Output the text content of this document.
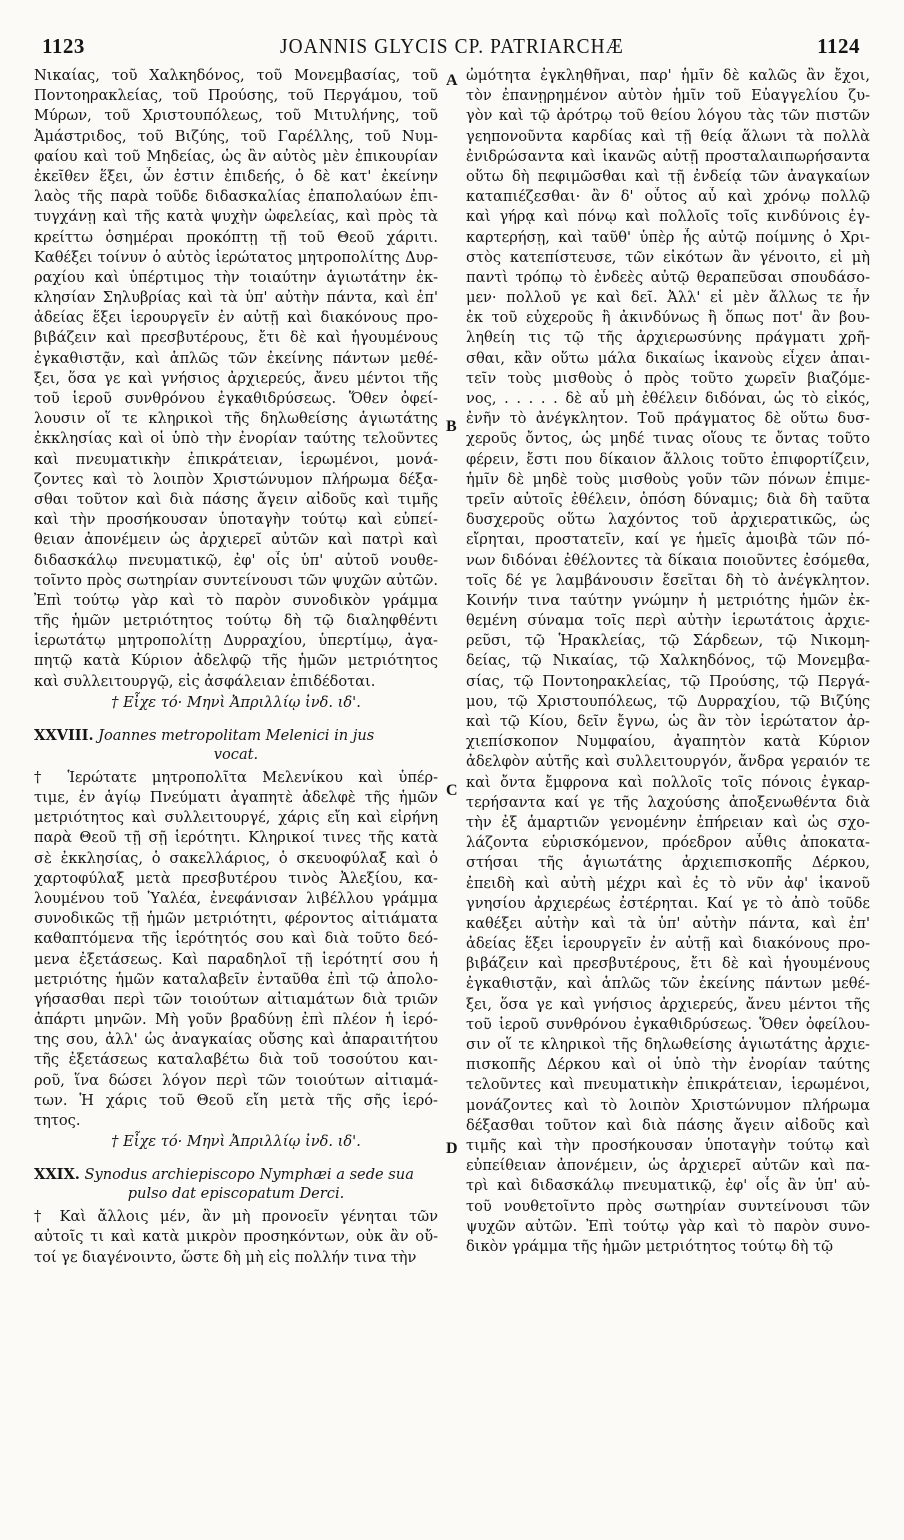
1123	JOANNIS GLYCIS CP. PATRIARCHÆ	1124
Νικαίας, τοῦ Χαλκηδόνος, τοῦ Μονεμβασίας, τοῦ
Ποντοηρακλείας, τοῦ Προύσης, τοῦ Περγάμου, τοῦ
Μύρων, τοῦ Χριστουπόλεως, τοῦ Μιτυλήνης, τοῦ
Ἀμάστριδος, τοῦ Βιζύης, τοῦ Γαρέλλης, τοῦ Νυμ-
φαίου καὶ τοῦ Μηδείας, ὡς ἂν αὐτὸς μὲν ἐπικουρίαν
ἐκεῖθεν ἕξει, ὧν ἐστιν ἐπιδεής, ὁ δὲ κατ' ἐκείνην
λαὸς τῆς παρὰ τοῦδε διδασκαλίας ἐπαπολαύων ἐπι-
τυγχάνῃ καὶ τῆς κατὰ ψυχὴν ὠφελείας, καὶ πρὸς τὰ
κρείττω ὁσημέραι προκόπτῃ τῇ τοῦ Θεοῦ χάριτι.
Καθέξει τοίνυν ὁ αὐτὸς ἱερώτατος μητροπολίτης Δυρ-
ραχίου καὶ ὑπέρτιμος τὴν τοιαύτην ἁγιωτάτην ἐκ-
κλησίαν Σηλυβρίας καὶ τὰ ὑπ' αὐτὴν πάντα, καὶ ἐπ'
ἀδείας ἕξει ἱερουργεῖν ἐν αὐτῇ καὶ διακόνους προ-
βιβάζειν καὶ πρεσβυτέρους, ἔτι δὲ καὶ ἡγουμένους
ἐγκαθιστᾷν, καὶ ἁπλῶς τῶν ἐκείνης πάντων μεθέ-
ξει, ὅσα γε καὶ γνήσιος ἀρχιερεύς, ἄνευ μέντοι τῆς
τοῦ ἱεροῦ συνθρόνου ἐγκαθιδρύσεως. Ὅθεν ὀφεί-
λουσιν οἵ τε κληρικοὶ τῆς δηλωθείσης ἁγιωτάτης
ἐκκλησίας καὶ οἱ ὑπὸ τὴν ἐνορίαν ταύτης τελοῦντες
καὶ πνευματικὴν ἐπικράτειαν, ἱερωμένοι, μονά-
ζοντες καὶ τὸ λοιπὸν Χριστώνυμον πλήρωμα δέξα-
σθαι τοῦτον καὶ διὰ πάσης ἄγειν αἰδοῦς καὶ τιμῆς
καὶ τὴν προσήκουσαν ὑποταγὴν τούτῳ καὶ εὐπεί-
θειαν ἀπονέμειν ὡς ἀρχιερεῖ αὐτῶν καὶ πατρὶ καὶ
διδασκάλῳ πνευματικῷ, ἐφ' οἷς ὑπ' αὐτοῦ νουθε-
τοῖντο πρὸς σωτηρίαν συντείνουσι τῶν ψυχῶν αὐτῶν.
Ἐπὶ τούτῳ γὰρ καὶ τὸ παρὸν συνοδικὸν γράμμα
τῆς ἡμῶν μετριότητος τούτῳ δὴ τῷ διαληφθέντι
ἱερωτάτῳ μητροπολίτῃ Δυρραχίου, ὑπερτίμῳ, ἀγα-
πητῷ κατὰ Κύριον ἀδελφῷ τῆς ἡμῶν μετριότητος
καὶ συλλειτουργῷ, εἰς ἀσφάλειαν ἐπιδέδοται.

† Εἶχε τό· Μηνὶ Ἀπριλλίῳ ἰνδ. ιδ'.

XXVIII. Joannes metropolitam Melenici in jus
vocat.
† Ἱερώτατε μητροπολῖτα Μελενίκου καὶ ὑπέρ-
τιμε, ἐν ἁγίῳ Πνεύματι ἀγαπητὲ ἀδελφὲ τῆς ἡμῶν
μετριότητος καὶ συλλειτουργέ, χάρις εἴη καὶ εἰρήνη
παρὰ Θεοῦ τῇ σῇ ἱερότητι. Κληρικοί τινες τῆς κατὰ
σὲ ἐκκλησίας, ὁ σακελλάριος, ὁ σκευοφύλαξ καὶ ὁ
χαρτοφύλαξ μετὰ πρεσβυτέρου τινὸς Ἀλεξίου, κα-
λουμένου τοῦ Ὑαλέα, ἐνεφάνισαν λιβέλλου γράμμα
συνοδικῶς τῇ ἡμῶν μετριότητι, φέροντος αἰτιάματα
καθαπτόμενα τῆς ἱερότητός σου καὶ διὰ τοῦτο δεό-
μενα ἐξετάσεως. Καὶ παραδηλοῖ τῇ ἱερότητί σου ἡ
μετριότης ἡμῶν καταλαβεῖν ἐνταῦθα ἐπὶ τῷ ἀπολο-
γήσασθαι περὶ τῶν τοιούτων αἰτιαμάτων διὰ τριῶν
ἀπάρτι μηνῶν. Μὴ γοῦν βραδύνῃ ἐπὶ πλέον ἡ ἱερό-
της σου, ἀλλ' ὡς ἀναγκαίας οὔσης καὶ ἀπαραιτήτου
τῆς ἐξετάσεως καταλαβέτω διὰ τοῦ τοσούτου και-
ροῦ, ἵνα δώσει λόγον περὶ τῶν τοιούτων αἰτιαμά-
των. Ἡ χάρις τοῦ Θεοῦ εἴη μετὰ τῆς σῆς ἱερό-
τητος.

† Εἶχε τό· Μηνὶ Ἀπριλλίῳ ἰνδ. ιδ'.

XXIX. Synodus archiepiscopo Nymphæi a sede sua
pulso dat episcopatum Derci.
† Καὶ ἄλλοις μέν, ἂν μὴ προνοεῖν γένηται τῶν
αὐτοῖς τι καὶ κατὰ μικρὸν προσηκόντων, οὐκ ἂν οὔ-
τοί γε διαγένοιντο, ὥστε δὴ μὴ εἰς πολλήν τινα τὴν
ὠμότητα ἐγκληθῆναι, παρ' ἡμῖν δὲ καλῶς ἂν ἔχοι,
τὸν ἐπανῃρημένον αὐτὸν ἡμῖν τοῦ Εὐαγγελίου ζυ-
γὸν καὶ τῷ ἀρότρῳ τοῦ θείου λόγου τὰς τῶν πιστῶν
γεηπονοῦντα καρδίας καὶ τῇ θείᾳ ἅλωνι τὰ πολλὰ
ἐνιδρώσαντα καὶ ἱκανῶς αὐτῇ προσταλαιπωρήσαντα
οὕτω δὴ πεφιμῶσθαι καὶ τῇ ἐνδείᾳ τῶν ἀναγκαίων
καταπιέζεσθαι· ἂν δ' οὗτος αὖ καὶ χρόνῳ πολλῷ
καὶ γήρᾳ καὶ πόνῳ καὶ πολλοῖς τοῖς κινδύνοις ἐγ-
καρτερήσῃ, καὶ ταῦθ' ὑπὲρ ἧς αὐτῷ ποίμνης ὁ Χρι-
στὸς κατεπίστευσε, τῶν εἰκότων ἂν γένοιτο, εἰ μὴ
παντὶ τρόπῳ τὸ ἐνδεὲς αὐτῷ θεραπεῦσαι σπουδάσο-
μεν· πολλοῦ γε καὶ δεῖ. Ἀλλ' εἰ μὲν ἄλλως τε ἦν
ἐκ τοῦ εὐχεροῦς ἢ ἀκινδύνως ἢ ὅπως ποτ' ἂν βου-
ληθείη τις τῷ τῆς ἀρχιερωσύνης πράγματι χρῆ-
σθαι, κἂν οὕτω μάλα δικαίως ἱκανοὺς εἶχεν ἀπαι-
τεῖν τοὺς μισθοὺς ὁ πρὸς τοῦτο χωρεῖν βιαζόμε-
νος, . . . . . δὲ αὖ μὴ ἐθέλειν διδόναι, ὡς τὸ εἰκός,
ἐνῆν τὸ ἀνέγκλητον. Τοῦ πράγματος δὲ οὕτω δυσ-
χεροῦς ὄντος, ὡς μηδέ τινας οἵους τε ὄντας τοῦτο
φέρειν, ἔστι που δίκαιον ἄλλοις τοῦτο ἐπιφορτίζειν,
ἡμῖν δὲ μηδὲ τοὺς μισθοὺς γοῦν τῶν πόνων ἐπιμε-
τρεῖν αὐτοῖς ἐθέλειν, ὁπόση δύναμις; διὰ δὴ ταῦτα
δυσχεροῦς οὕτω λαχόντος τοῦ ἀρχιερατικῶς, ὡς
εἴρηται, προστατεῖν, καί γε ἡμεῖς ἀμοιβὰ τῶν πό-
νων διδόναι ἐθέλοντες τὰ δίκαια ποιοῦντες ἐσόμεθα,
τοῖς δέ γε λαμβάνουσιν ἔσεῖται δὴ τὸ ἀνέγκλητον.
Κοινήν τινα ταύτην γνώμην ἡ μετριότης ἡμῶν ἐκ-
θεμένη σύναμα τοῖς περὶ αὐτὴν ἱερωτάτοις ἀρχιε-
ρεῦσι, τῷ Ἡρακλείας, τῷ Σάρδεων, τῷ Νικομη-
δείας, τῷ Νικαίας, τῷ Χαλκηδόνος, τῷ Μονεμβα-
σίας, τῷ Ποντοηρακλείας, τῷ Προύσης, τῷ Περγά-
μου, τῷ Χριστουπόλεως, τῷ Δυρραχίου, τῷ Βιζύης
καὶ τῷ Κίου, δεῖν ἔγνω, ὡς ἂν τὸν ἱερώτατον ἀρ-
χιεπίσκοπον Νυμφαίου, ἀγαπητὸν κατὰ Κύριον
ἀδελφὸν αὐτῆς καὶ συλλειτουργόν, ἄνδρα γεραιόν τε
καὶ ὄντα ἔμφρονα καὶ πολλοῖς τοῖς πόνοις ἐγκαρ-
τερήσαντα καί γε τῆς λαχούσης ἀποξενωθέντα διὰ
τὴν ἐξ ἁμαρτιῶν γενομένην ἐπήρειαν καὶ ὡς σχο-
λάζοντα εὑρισκόμενον, πρόεδρον αὖθις ἀποκατα-
στήσαι τῆς ἁγιωτάτης ἀρχιεπισκοπῆς Δέρκου,
ἐπειδὴ καὶ αὐτὴ μέχρι καὶ ἐς τὸ νῦν ἀφ' ἱκανοῦ
γνησίου ἀρχιερέως ἐστέρηται. Καί γε τὸ ἀπὸ τοῦδε
καθέξει αὐτὴν καὶ τὰ ὑπ' αὐτὴν πάντα, καὶ ἐπ'
ἀδείας ἕξει ἱερουργεῖν ἐν αὐτῇ καὶ διακόνους προ-
βιβάζειν καὶ πρεσβυτέρους, ἔτι δὲ καὶ ἡγουμένους
ἐγκαθιστᾷν, καὶ ἁπλῶς τῶν ἐκείνης πάντων μεθέ-
ξει, ὅσα γε καὶ γνήσιος ἀρχιερεύς, ἄνευ μέντοι τῆς
τοῦ ἱεροῦ συνθρόνου ἐγκαθιδρύσεως. Ὅθεν ὀφείλου-
σιν οἵ τε κληρικοὶ τῆς δηλωθείσης ἁγιωτάτης ἀρχιε-
πισκοπῆς Δέρκου καὶ οἱ ὑπὸ τὴν ἐνορίαν ταύτης
τελοῦντες καὶ πνευματικὴν ἐπικράτειαν, ἱερωμένοι,
μονάζοντες καὶ τὸ λοιπὸν Χριστώνυμον πλήρωμα
δέξασθαι τοῦτον καὶ διὰ πάσης ἄγειν αἰδοῦς καὶ
τιμῆς καὶ τὴν προσήκουσαν ὑποταγὴν τούτῳ καὶ
εὐπείθειαν ἀπονέμειν, ὡς ἀρχιερεῖ αὐτῶν καὶ πα-
τρὶ καὶ διδασκάλῳ πνευματικῷ, ἐφ' οἷς ἂν ὑπ' αὐ-
τοῦ νουθετοῖντο πρὸς σωτηρίαν συντείνουσι τῶν
ψυχῶν αὐτῶν. Ἐπὶ τούτῳ γὰρ καὶ τὸ παρὸν συνο-
δικὸν γράμμα τῆς ἡμῶν μετριότητος τούτῳ δὴ τῷ
A
B
C
D
